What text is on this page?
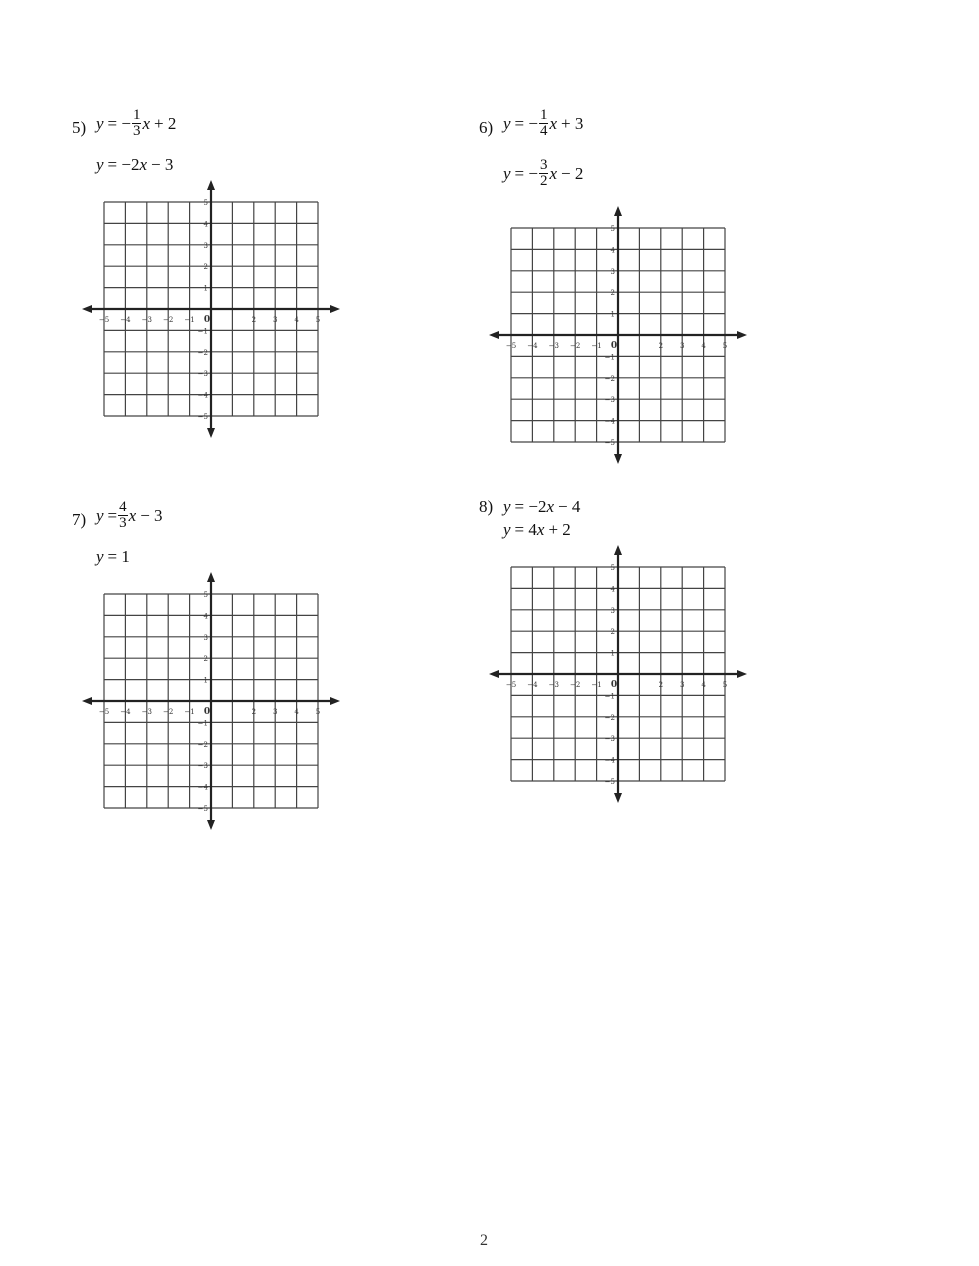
5) y = − $\frac{1}{3}$ x + 2
y = −2 x − 3
6) y = − $\frac{1}{4}$ x + 3
y = − $\frac{3}{2}$ x − 2
7) $y = \frac{4}{3}$ x − 3
y = 1
8) y = −2 x − 4
y = 4 x + 2
−5 −4 −3 −2 −1 0	2 3 4 5
5
4
3
2
1
−1
−2
−3
−4
−5
−5 −4 −3 −2 −1 0	2 3 4 5
5
4
3
2
1
−1
−2
−3
−4
−5
−5 −4 −3 −2 −1 0	2 3 4 5
5
4
3
2
1
−1
−2
−3
−4
−5
−5 −4 −3 −2 −1 0	2 3 4 5
5
4
3
2
1
−1
−2
−3
−4
−5
2
